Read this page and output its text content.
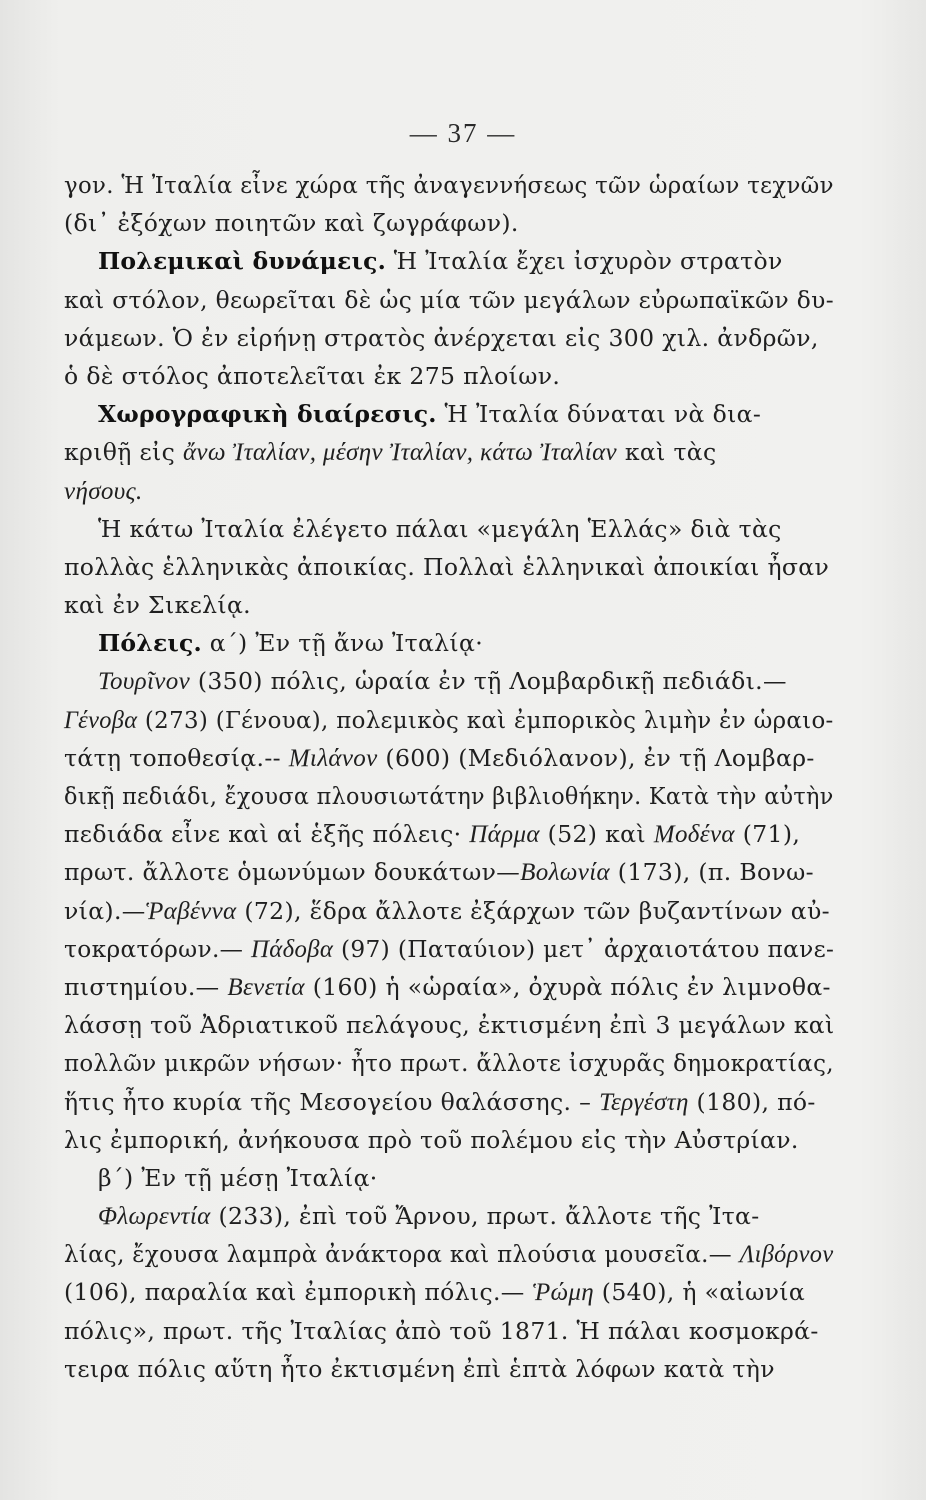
— 37 —
γον. Ἡ Ἰταλία εἶνε χώρα τῆς ἀναγεννήσεως τῶν ὡραίων τεχνῶν
(δι᾿ ἐξόχων ποιητῶν καὶ ζωγράφων).
Πολεμικαὶ δυνάμεις. Ἡ Ἰταλία ἔχει ἰσχυρὸν στρατὸν
καὶ στόλον, θεωρεῖται δὲ ὡς μία τῶν μεγάλων εὐρωπαϊκῶν δυ-
νάμεων. Ὁ ἐν εἰρήνῃ στρατὸς ἀνέρχεται εἰς 300 χιλ. ἀνδρῶν,
ὁ δὲ στόλος ἀποτελεῖται ἐκ 275 πλοίων.
Χωρογραφικὴ διαίρεσις. Ἡ Ἰταλία δύναται νὰ δια-
κριθῇ εἰς ἄνω Ἰταλίαν, μέσην Ἰταλίαν, κάτω Ἰταλίαν καὶ τὰς
νήσους.
Ἡ κάτω Ἰταλία ἐλέγετο πάλαι «μεγάλη Ἑλλάς» διὰ τὰς
πολλὰς ἑλληνικὰς ἀποικίας. Πολλαὶ ἑλληνικαὶ ἀποικίαι ἦσαν
καὶ ἐν Σικελίᾳ.
Πόλεις. α΄) Ἐν τῇ ἄνω Ἰταλίᾳ·
Τουρῖνον (350) πόλις, ὡραία ἐν τῇ Λομβαρδικῇ πεδιάδι.—
Γένοβα (273) (Γένουα), πολεμικὸς καὶ ἐμπορικὸς λιμὴν ἐν ὡραιο-
τάτῃ τοποθεσίᾳ.-- Μιλάνον (600) (Μεδιόλανον), ἐν τῇ Λομβαρ-
δικῇ πεδιάδι, ἔχουσα πλουσιωτάτην βιβλιοθήκην. Κατὰ τὴν αὐτὴν
πεδιάδα εἶνε καὶ αἱ ἑξῆς πόλεις· Πάρμα (52) καὶ Μοδένα (71),
πρωτ. ἄλλοτε ὁμωνύμων δουκάτων—Βολωνία (173), (π. Βονω-
νία).—Ῥαβέννα (72), ἕδρα ἄλλοτε ἐξάρχων τῶν βυζαντίνων αὐ-
τοκρατόρων.— Πάδοβα (97) (Παταύιον) μετ᾿ ἀρχαιοτάτου πανε-
πιστημίου.— Βενετία (160) ἡ «ὡραία», ὀχυρὰ πόλις ἐν λιμνοθα-
λάσσῃ τοῦ Ἀδριατικοῦ πελάγους, ἐκτισμένη ἐπὶ 3 μεγάλων καὶ
πολλῶν μικρῶν νήσων· ἦτο πρωτ. ἄλλοτε ἰσχυρᾶς δημοκρατίας,
ἥτις ἦτο κυρία τῆς Μεσογείου θαλάσσης. – Τεργέστη (180), πό-
λις ἐμπορική, ἀνήκουσα πρὸ τοῦ πολέμου εἰς τὴν Αὐστρίαν.
β΄) Ἐν τῇ μέσῃ Ἰταλίᾳ·
Φλωρεντία (233), ἐπὶ τοῦ Ἄρνου, πρωτ. ἄλλοτε τῆς Ἰτα-
λίας, ἔχουσα λαμπρὰ ἀνάκτορα καὶ πλούσια μουσεῖα.— Λιβόρνον
(106), παραλία καὶ ἐμπορικὴ πόλις.— Ῥώμη (540), ἡ «αἰωνία
πόλις», πρωτ. τῆς Ἰταλίας ἀπὸ τοῦ 1871. Ἡ πάλαι κοσμοκρά-
τειρα πόλις αὕτη ἦτο ἐκτισμένη ἐπὶ ἑπτὰ λόφων κατὰ τὴν
